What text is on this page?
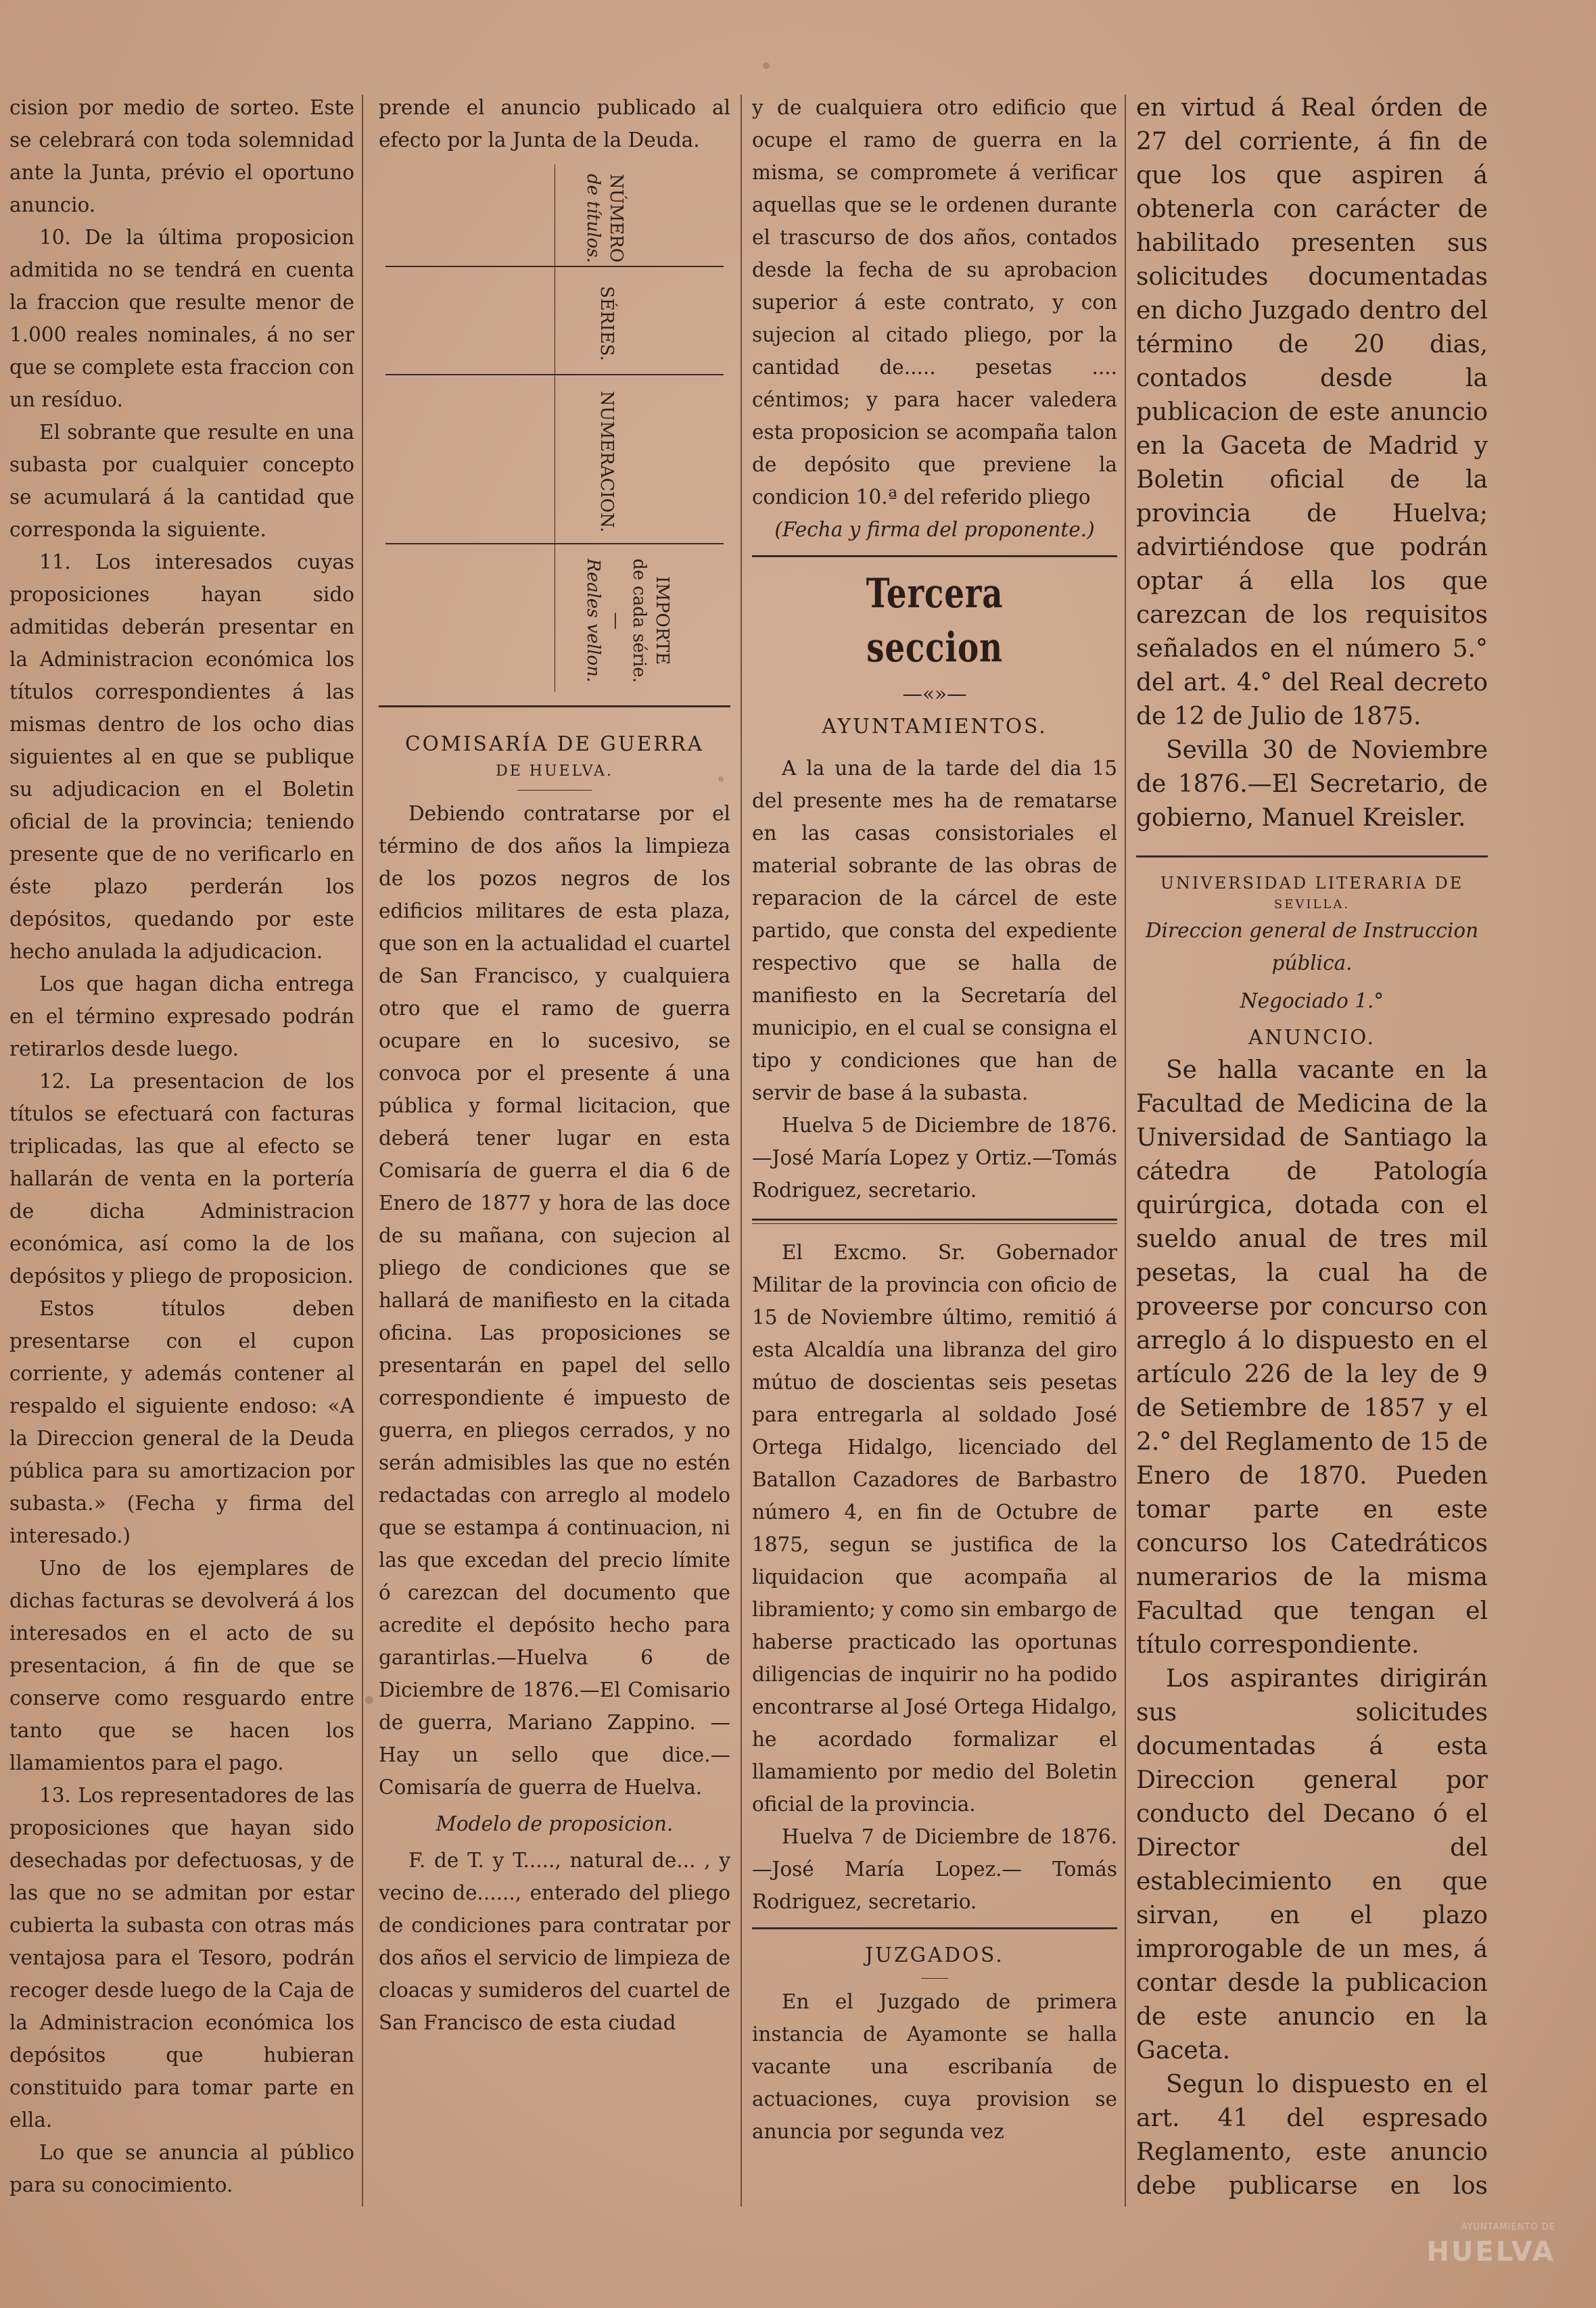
cision por medio de sorteo. Este se celebrará con toda solemnidad ante la Junta, prévio el oportuno anuncio.

10. De la última proposicion admitida no se tendrá en cuenta la fraccion que resulte menor de 1.000 reales nominales, á no ser que se complete esta fraccion con un resíduo.

El sobrante que resulte en una subasta por cualquier concepto se acumulará á la cantidad que corresponda la siguiente.

11. Los interesados cuyas proposiciones hayan sido admitidas deberán presentar en la Administracion económica los títulos correspondientes á las mismas dentro de los ocho dias siguientes al en que se publique su adjudicacion en el Boletin oficial de la provincia; teniendo presente que de no verificarlo en éste plazo perderán los depósitos, quedando por este hecho anulada la adjudicacion.

Los que hagan dicha entrega en el término expresado podrán retirarlos desde luego.

12. La presentacion de los títulos se efectuará con facturas triplicadas, las que al efecto se hallarán de venta en la portería de dicha Administracion económica, así como la de los depósitos y pliego de proposicion.

Estos títulos deben presentarse con el cupon corriente, y además contener al respaldo el siguiente endoso: «A la Direccion general de la Deuda pública para su amortizacion por subasta.» (Fecha y firma del interesado.)

Uno de los ejemplares de dichas facturas se devolverá á los interesados en el acto de su presentacion, á fin de que se conserve como resguardo entre tanto que se hacen los llamamientos para el pago.

13. Los representadores de las proposiciones que hayan sido desechadas por defectuosas, y de las que no se admitan por estar cubierta la subasta con otras más ventajosa para el Tesoro, podrán recoger desde luego de la Caja de la Administracion económica los depósitos que hubieran constituido para tomar parte en ella.

Lo que se anuncia al público para su conocimiento.

prende el anuncio publicado al efecto por la Junta de la Deuda.

NÚMERO
de títulos.
SÉRIES.
NUMERACION.
IMPORTE
de cada série.
—
Reales vellon.

COMISARÍA DE GUERRA

DE HUELVA.

Debiendo contratarse por el término de dos años la limpieza de los pozos negros de los edificios militares de esta plaza, que son en la actualidad el cuartel de San Francisco, y cualquiera otro que el ramo de guerra ocupare en lo sucesivo, se convoca por el presente á una pública y formal licitacion, que deberá tener lugar en esta Comisaría de guerra el dia 6 de Enero de 1877 y hora de las doce de su mañana, con sujecion al pliego de condiciones que se hallará de manifiesto en la citada oficina. Las proposiciones se presentarán en papel del sello correspondiente é impuesto de guerra, en pliegos cerrados, y no serán admisibles las que no estén redactadas con arreglo al modelo que se estampa á continuacion, ni las que excedan del precio límite ó carezcan del documento que acredite el depósito hecho para garantirlas.—Huelva 6 de Diciembre de 1876.—El Comisario de guerra, Mariano Zappino. —Hay un sello que dice.— Comisaría de guerra de Huelva.

Modelo de proposicion.

F. de T. y T....., natural de... , y vecino de......, enterado del pliego de condiciones para contratar por dos años el servicio de limpieza de cloacas y sumideros del cuartel de San Francisco de esta ciudad

y de cualquiera otro edificio que ocupe el ramo de guerra en la misma, se compromete á verificar aquellas que se le ordenen durante el trascurso de dos años, contados desde la fecha de su aprobacion superior á este contrato, y con sujecion al citado pliego, por la cantidad de..... pesetas .... céntimos; y para hacer valedera esta proposicion se acompaña talon de depósito que previene la condicion 10.ª del referido pliego

(Fecha y firma del proponente.)

Tercera seccion

—«»—

AYUNTAMIENTOS.

A la una de la tarde del dia 15 del presente mes ha de rematarse en las casas consistoriales el material sobrante de las obras de reparacion de la cárcel de este partido, que consta del expediente respectivo que se halla de manifiesto en la Secretaría del municipio, en el cual se consigna el tipo y condiciones que han de servir de base á la subasta.

Huelva 5 de Diciembre de 1876.—José María Lopez y Ortiz.—Tomás Rodriguez, secretario.

El Excmo. Sr. Gobernador Militar de la provincia con oficio de 15 de Noviembre último, remitió á esta Alcaldía una libranza del giro mútuo de doscientas seis pesetas para entregarla al soldado José Ortega Hidalgo, licenciado del Batallon Cazadores de Barbastro número 4, en fin de Octubre de 1875, segun se justifica de la liquidacion que acompaña al libramiento; y como sin embargo de haberse practicado las oportunas diligencias de inquirir no ha podido encontrarse al José Ortega Hidalgo, he acordado formalizar el llamamiento por medio del Boletin oficial de la provincia.

Huelva 7 de Diciembre de 1876.—José María Lopez.— Tomás Rodriguez, secretario.

JUZGADOS.

En el Juzgado de primera instancia de Ayamonte se halla vacante una escribanía de actuaciones, cuya provision se anuncia por segunda vez

en virtud á Real órden de 27 del corriente, á fin de que los que aspiren á obtenerla con carácter de habilitado presenten sus solicitudes documentadas en dicho Juzgado dentro del término de 20 dias, contados desde la publicacion de este anuncio en la Gaceta de Madrid y Boletin oficial de la provincia de Huelva; advirtiéndose que podrán optar á ella los que carezcan de los requisitos señalados en el número 5.° del art. 4.° del Real decreto de 12 de Julio de 1875.

Sevilla 30 de Noviembre de 1876.—El Secretario, de gobierno, Manuel Kreisler.

UNIVERSIDAD LITERARIA DE

SEVILLA.

Direccion general de Instruccion pública.

Negociado 1.°

ANUNCIO.

Se halla vacante en la Facultad de Medicina de la Universidad de Santiago la cátedra de Patología quirúrgica, dotada con el sueldo anual de tres mil pesetas, la cual ha de proveerse por concurso con arreglo á lo dispuesto en el artículo 226 de la ley de 9 de Setiembre de 1857 y el 2.° del Reglamento de 15 de Enero de 1870. Pueden tomar parte en este concurso los Catedráticos numerarios de la misma Facultad que tengan el título correspondiente.

Los aspirantes dirigirán sus solicitudes documentadas á esta Direccion general por conducto del Decano ó el Director del establecimiento en que sirvan, en el plazo improrogable de un mes, á contar desde la publicacion de este anuncio en la Gaceta.

Segun lo dispuesto en el art. 41 del espresado Reglamento, este anuncio debe publicarse en los

AYUNTAMIENTO DE
HUELVA
